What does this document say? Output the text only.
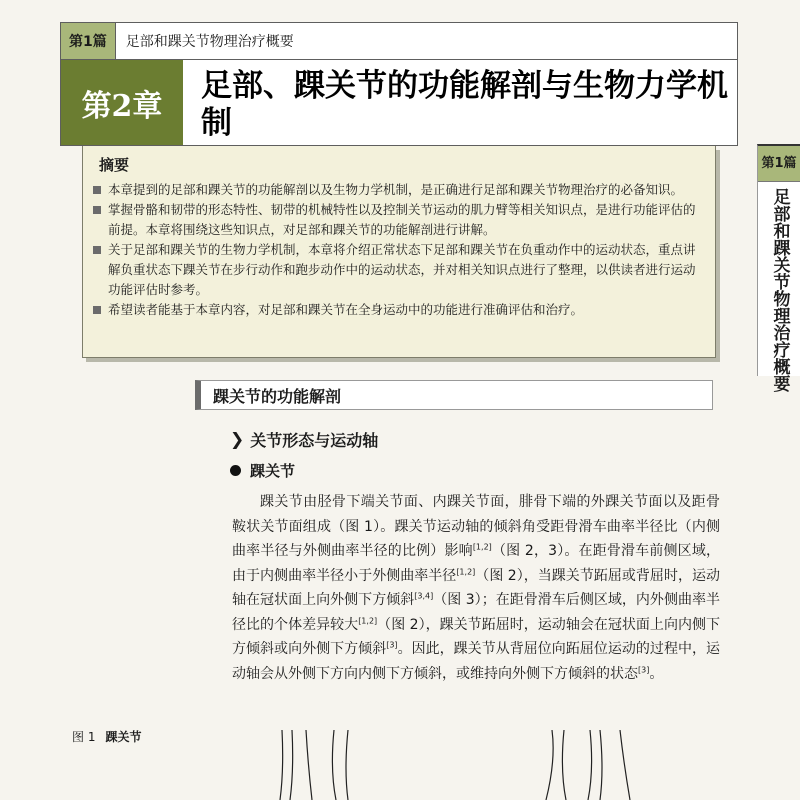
第1篇	足部和踝关节物理治疗概要
第2章
足部、踝关节的功能解剖与生物力学机制
摘要
本章提到的足部和踝关节的功能解剖以及生物力学机制，是正确进行足部和踝关节物理治疗的必备知识。
掌握骨骼和韧带的形态特性、韧带的机械特性以及控制关节运动的肌力臂等相关知识点，是进行功能评估的前提。本章将围绕这些知识点，对足部和踝关节的功能解剖进行讲解。
关于足部和踝关节的生物力学机制，本章将介绍正常状态下足部和踝关节在负重动作中的运动状态，重点讲解负重状态下踝关节在步行动作和跑步动作中的运动状态，并对相关知识点进行了整理，以供读者进行运动功能评估时参考。
希望读者能基于本章内容，对足部和踝关节在全身运动中的功能进行准确评估和治疗。
第1篇
足部和踝关节物理治疗概要
踝关节的功能解剖
❯ 关节形态与运动轴
踝关节

踝关节由胫骨下端关节面、内踝关节面，腓骨下端的外踝关节面以及距骨鞍状关节面组成（图 1）。踝关节运动轴的倾斜角受距骨滑车曲率半径比（内侧曲率半径与外侧曲率半径的比例）影响[1,2]（图 2，3）。在距骨滑车前侧区域，由于内侧曲率半径小于外侧曲率半径[1,2]（图 2），当踝关节跖屈或背屈时，运动轴在冠状面上向外侧下方倾斜[3,4]（图 3）；在距骨滑车后侧区域，内外侧曲率半径比的个体差异较大[1,2]（图 2），踝关节跖屈时，运动轴会在冠状面上向内侧下方倾斜或向外侧下方倾斜[3]。因此，踝关节从背屈位向跖屈位运动的过程中，运动轴会从外侧下方向内侧下方倾斜，或维持向外侧下方倾斜的状态[3]。

图 1 踝关节
